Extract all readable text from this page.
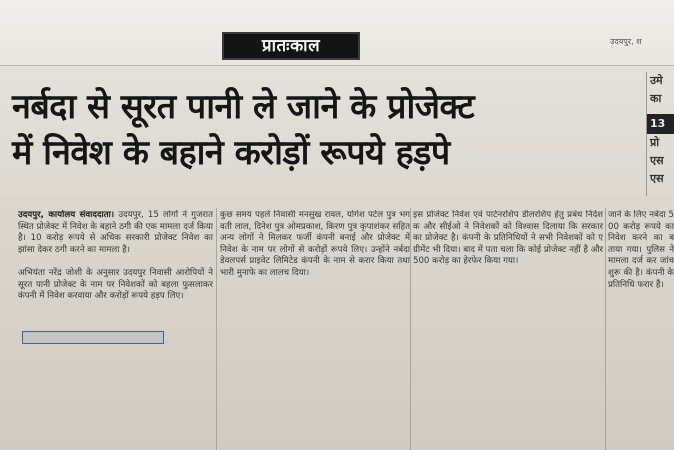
प्रातःकाल	उदयपुर, श
नर्बदा से सूरत पानी ले जाने के प्रोजेक्ट
में निवेश के बहाने करोड़ों रूपये हड़पे
उमे
का
13
प्रो
एस
एस
उदयपुर, कार्यालय संवाददाता। उदयपुर, 15 लोगों ने गुजरात स्थित प्रोजेक्ट में निवेश के बहाने ठगी की एक मामला दर्ज किया है। 10 करोड़ रूपये से अधिक सरकारी प्रोजेक्ट निवेश का झांसा देकर ठगी करने का मामला है।

अभियंता नरेंद्र जोशी के अनुसार उदयपुर निवासी आरोपियों ने सूरत पानी प्रोजेक्ट के नाम पर निवेशकों को बहला फुसलाकर कंपनी में निवेश करवाया और करोड़ों रूपये हड़प लिए।
कुछ समय पहले निवासी मनसुख रावल, योगेश पटेल पुत्र भगवती लाल, दिनेश पुत्र ओमप्रकाश, किरण पुत्र कृपाशंकर सहित अन्य लोगों ने मिलकर फर्जी कंपनी बनाई और प्रोजेक्ट में निवेश के नाम पर लोगों से करोड़ों रूपये लिए। उन्होंने नर्बदा डेवलपर्स प्राइवेट लिमिटेड कंपनी के नाम से करार किया तथा भारी मुनाफे का लालच दिया।
इस प्रोजेक्ट निवेश एवं पार्टनरशिप डीलरशिप हेतु प्रबंध निदेशक और सीईओ ने निवेशकों को विश्वास दिलाया कि सरकार का प्रोजेक्ट है। कंपनी के प्रतिनिधियों ने सभी निवेशकों को एग्रीमेंट भी दिया। बाद में पता चला कि कोई प्रोजेक्ट नहीं है और 500 करोड़ का हेरफेर किया गया।
जाने के लिए नर्बदा 500 करोड़ रूपये का निवेश करने का बताया गया। पुलिस ने मामला दर्ज कर जांच शुरू की है। कंपनी के प्रतिनिधि फरार हैं।
